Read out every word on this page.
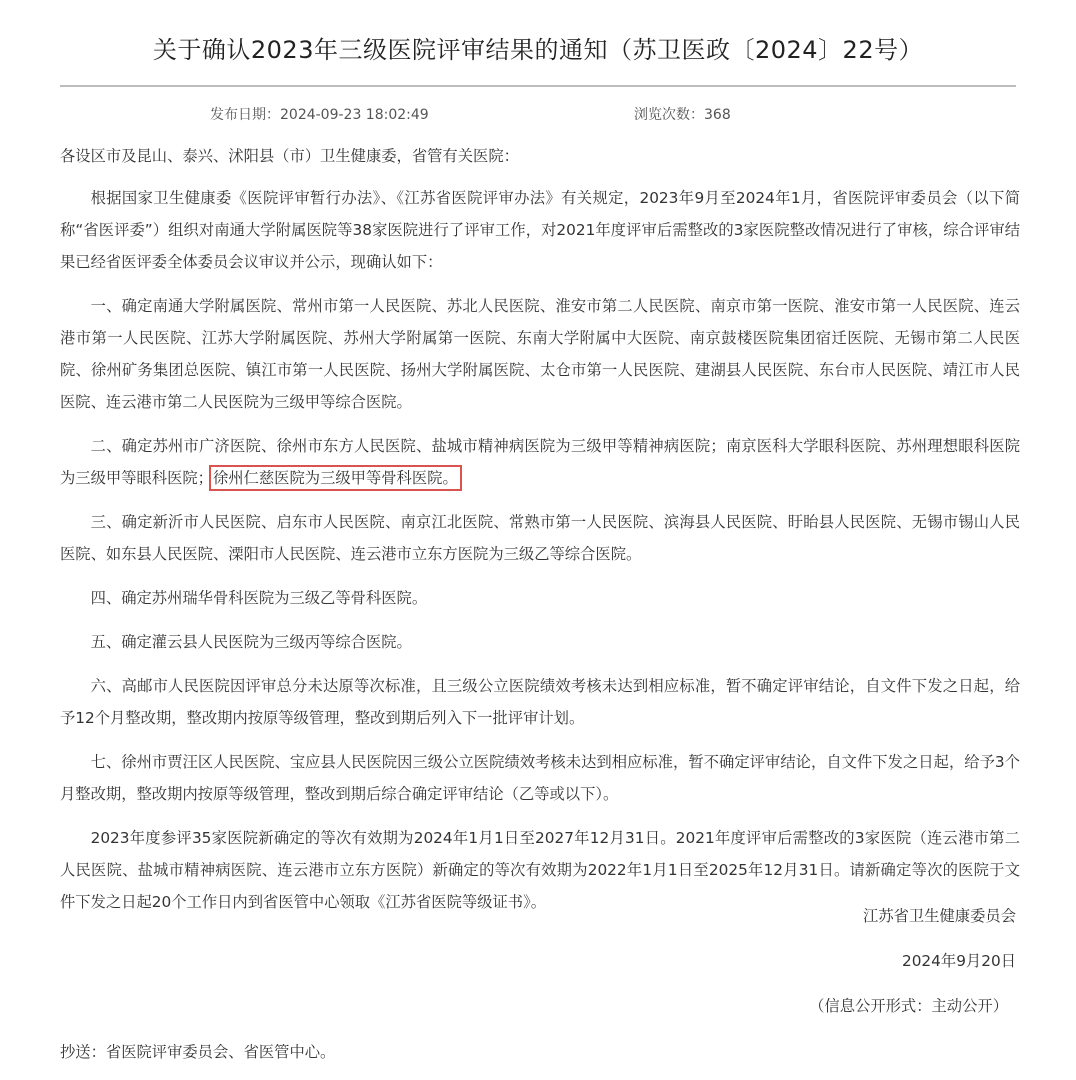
关于确认2023年三级医院评审结果的通知（苏卫医政〔2024〕22号）
发布日期：2024-09-23 18:02:49	浏览次数：368

各设区市及昆山、泰兴、沭阳县（市）卫生健康委，省管有关医院：

根据国家卫生健康委《医院评审暂行办法》、《江苏省医院评审办法》有关规定，2023年9月至2024年1月，省医院评审委员会（以下简称“省医评委”）组织对南通大学附属医院等38家医院进行了评审工作，对2021年度评审后需整改的3家医院整改情况进行了审核，综合评审结果已经省医评委全体委员会议审议并公示，现确认如下：

一、确定南通大学附属医院、常州市第一人民医院、苏北人民医院、淮安市第二人民医院、南京市第一医院、淮安市第一人民医院、连云港市第一人民医院、江苏大学附属医院、苏州大学附属第一医院、东南大学附属中大医院、南京鼓楼医院集团宿迁医院、无锡市第二人民医院、徐州矿务集团总医院、镇江市第一人民医院、扬州大学附属医院、太仓市第一人民医院、建湖县人民医院、东台市人民医院、靖江市人民医院、连云港市第二人民医院为三级甲等综合医院。

二、确定苏州市广济医院、徐州市东方人民医院、盐城市精神病医院为三级甲等精神病医院；南京医科大学眼科医院、苏州理想眼科医院为三级甲等眼科医院；徐州仁慈医院为三级甲等骨科医院。

三、确定新沂市人民医院、启东市人民医院、南京江北医院、常熟市第一人民医院、滨海县人民医院、盱眙县人民医院、无锡市锡山人民医院、如东县人民医院、溧阳市人民医院、连云港市立东方医院为三级乙等综合医院。

四、确定苏州瑞华骨科医院为三级乙等骨科医院。

五、确定灌云县人民医院为三级丙等综合医院。

六、高邮市人民医院因评审总分未达原等次标准，且三级公立医院绩效考核未达到相应标准，暂不确定评审结论，自文件下发之日起，给予12个月整改期，整改期内按原等级管理，整改到期后列入下一批评审计划。

七、徐州市贾汪区人民医院、宝应县人民医院因三级公立医院绩效考核未达到相应标准，暂不确定评审结论，自文件下发之日起，给予3个月整改期，整改期内按原等级管理，整改到期后综合确定评审结论（乙等或以下）。

2023年度参评35家医院新确定的等次有效期为2024年1月1日至2027年12月31日。2021年度评审后需整改的3家医院（连云港市第二人民医院、盐城市精神病医院、连云港市立东方医院）新确定的等次有效期为2022年1月1日至2025年12月31日。请新确定等次的医院于文件下发之日起20个工作日内到省医管中心领取《江苏省医院等级证书》。

江苏省卫生健康委员会
2024年9月20日
（信息公开形式：主动公开）
抄送：省医院评审委员会、省医管中心。
